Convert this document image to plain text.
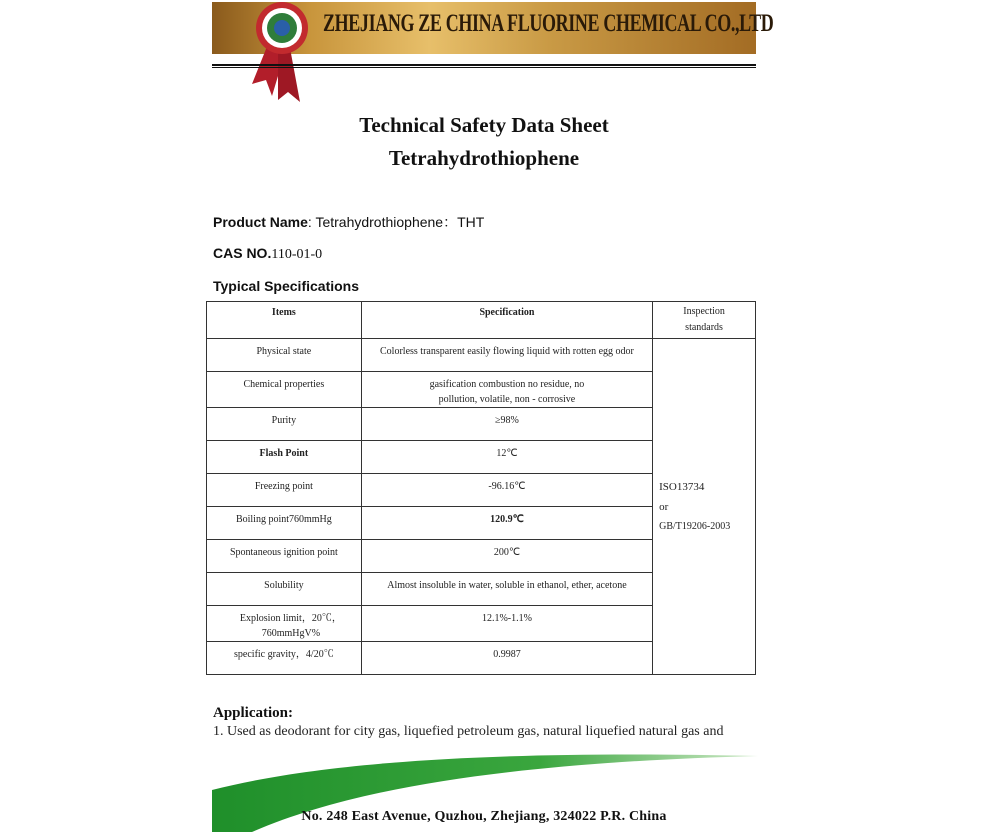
ZHEJIANG ZE CHINA FLUORINE CHEMICAL CO.,LTD
Technical Safety Data Sheet
Tetrahydrothiophene
Product Name: Tetrahydrothiophene：THT
CAS NO.110-01-0
Typical Specifications
Items	Specification	Inspection standards

Physical state	Colorless transparent easily flowing liquid with rotten egg odor	ISO13734
or
GB/T19206-2003

Chemical properties	gasification combustion no residue, no pollution, volatile, non - corrosive	

Purity	≥98%	

Flash Point	12℃	

Freezing point	-96.16℃	

Boiling point760mmHg	120.9℃	

Spontaneous ignition point	200℃	

Solubility	Almost insoluble in water, soluble in ethanol, ether, acetone	

Explosion limit，20℃，760mmHgV%	12.1%-1.1%	

specific gravity，4/20℃	0.9987	
Application:
1. Used as deodorant for city gas, liquefied petroleum gas, natural liquefied natural gas and
No. 248 East Avenue, Quzhou, Zhejiang, 324022 P.R. China
